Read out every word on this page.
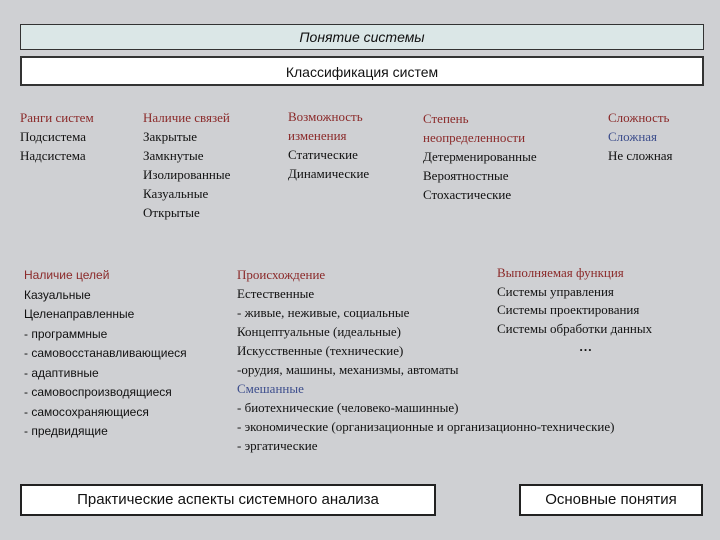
Понятие системы
Классификация систем
Ранги систем
Подсистема
Надсистема
Наличие связей
Закрытые
Замкнутые
Изолированные
Казуальные
Открытые
Возможность
изменения
Статические
Динамические
Степень
неопределенности
Детерменированные
Вероятностные
Стохастические
Сложность
Сложная
Не сложная
Наличие целей
Казуальные
Целенаправленные
- программные
- самовосстанавливающиеся
- адаптивные
- самовоспроизводящиеся
- самосохраняющиеся
- предвидящие
Происхождение
Естественные
- живые, неживые, социальные
Концептуальные (идеальные)
Искусственные (технические)
-орудия, машины, механизмы, автоматы
Смешанные
- биотехнические (человеко-машинные)
- экономические (организационные и организационно-технические)
- эргатические
Выполняемая функция
Системы управления
Системы проектирования
Системы обработки данных
…
Практические аспекты системного анализа	Основные понятия
